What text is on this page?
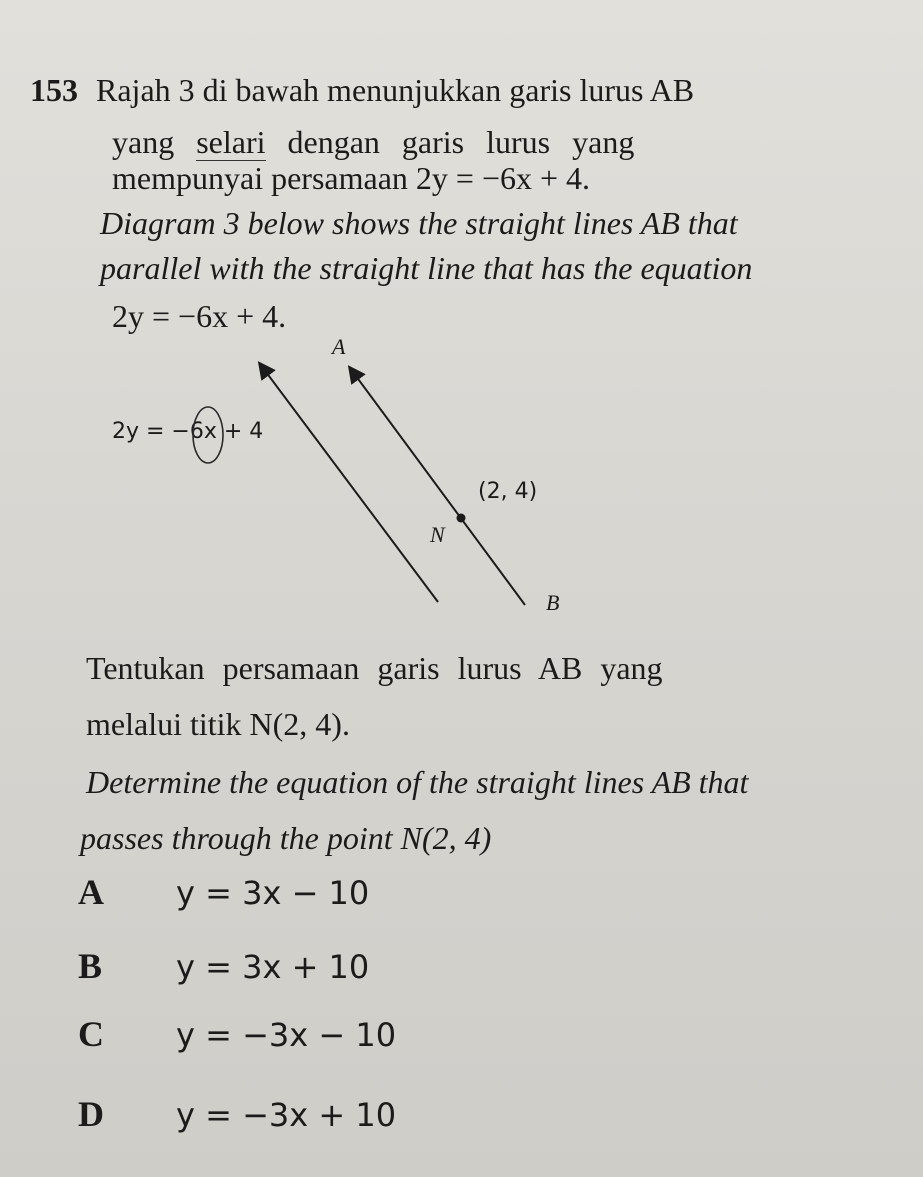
153 Rajah 3 di bawah menunjukkan garis lurus AB
yang selari dengan garis lurus yang
mempunyai persamaan 2y = −6x + 4.
Diagram 3 below shows the straight lines AB that
parallel with the straight line that has the equation
2y = −6x + 4.
A
2y = −6x + 4
(2, 4)
N
B
Tentukan persamaan garis lurus AB yang
melalui titik N(2, 4).
Determine the equation of the straight lines AB that
passes through the point N(2, 4)
A y = 3x − 10
B y = 3x + 10
C y = −3x − 10
D y = −3x + 10
